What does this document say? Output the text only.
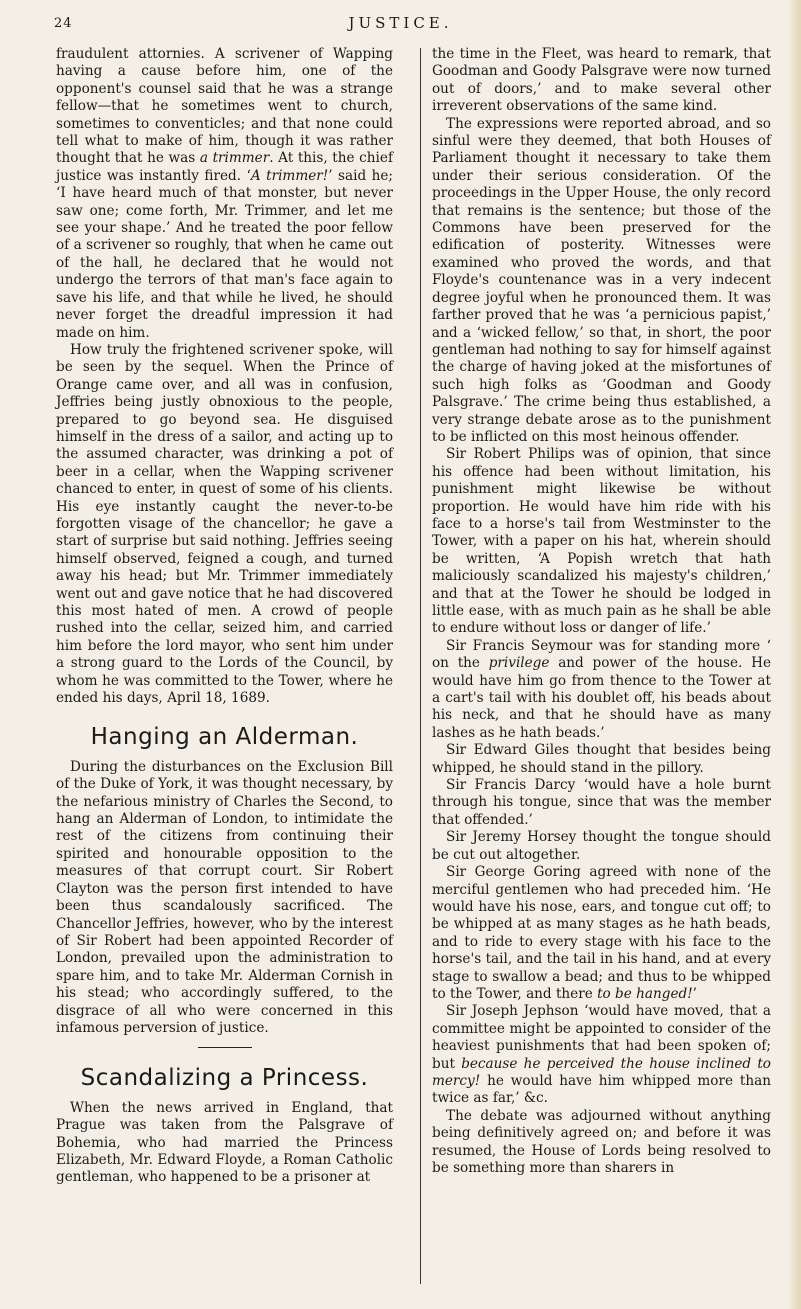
24	JUSTICE.

fraudulent attornies. A scrivener of Wapping having a cause before him, one of the opponent's counsel said that he was a strange fellow—that he sometimes went to church, sometimes to conventicles; and that none could tell what to make of him, though it was rather thought that he was a trimmer. At this, the chief justice was instantly fired. ‘A trimmer!’ said he; ‘I have heard much of that monster, but never saw one; come forth, Mr. Trimmer, and let me see your shape.’ And he treated the poor fellow of a scrivener so roughly, that when he came out of the hall, he declared that he would not undergo the terrors of that man's face again to save his life, and that while he lived, he should never forget the dreadful impression it had made on him.

How truly the frightened scrivener spoke, will be seen by the sequel. When the Prince of Orange came over, and all was in confusion, Jeffries being justly obnoxious to the people, prepared to go beyond sea. He disguised himself in the dress of a sailor, and acting up to the assumed character, was drinking a pot of beer in a cellar, when the Wapping scrivener chanced to enter, in quest of some of his clients. His eye instantly caught the never-to-be forgotten visage of the chancellor; he gave a start of surprise but said nothing. Jeffries seeing himself observed, feigned a cough, and turned away his head; but Mr. Trimmer immediately went out and gave notice that he had discovered this most hated of men. A crowd of people rushed into the cellar, seized him, and carried him before the lord mayor, who sent him under a strong guard to the Lords of the Council, by whom he was committed to the Tower, where he ended his days, April 18, 1689.

Hanging an Alderman.

During the disturbances on the Exclusion Bill of the Duke of York, it was thought necessary, by the nefarious ministry of Charles the Second, to hang an Alderman of London, to intimidate the rest of the citizens from continuing their spirited and honourable opposition to the measures of that corrupt court. Sir Robert Clayton was the person first intended to have been thus scandalously sacrificed. The Chancellor Jeffries, however, who by the interest of Sir Robert had been appointed Recorder of London, prevailed upon the administration to spare him, and to take Mr. Alderman Cornish in his stead; who accordingly suffered, to the disgrace of all who were concerned in this infamous perversion of justice.

Scandalizing a Princess.

When the news arrived in England, that Prague was taken from the Palsgrave of Bohemia, who had married the Princess Elizabeth, Mr. Edward Floyde, a Roman Catholic gentleman, who happened to be a prisoner at

the time in the Fleet, was heard to remark, that Goodman and Goody Palsgrave were now turned out of doors,’ and to make several other irreverent observations of the same kind.

The expressions were reported abroad, and so sinful were they deemed, that both Houses of Parliament thought it necessary to take them under their serious consideration. Of the proceedings in the Upper House, the only record that remains is the sentence; but those of the Commons have been preserved for the edification of posterity. Witnesses were examined who proved the words, and that Floyde's countenance was in a very indecent degree joyful when he pronounced them. It was farther proved that he was ‘a pernicious papist,’ and a ‘wicked fellow,’ so that, in short, the poor gentleman had nothing to say for himself against the charge of having joked at the misfortunes of such high folks as ‘Goodman and Goody Palsgrave.’ The crime being thus established, a very strange debate arose as to the punishment to be inflicted on this most heinous offender.

Sir Robert Philips was of opinion, that since his offence had been without limitation, his punishment might likewise be without proportion. He would have him ride with his face to a horse's tail from Westminster to the Tower, with a paper on his hat, wherein should be written, ‘A Popish wretch that hath maliciously scandalized his majesty's children,’ and that at the Tower he should be lodged in little ease, with as much pain as he shall be able to endure without loss or danger of life.’

Sir Francis Seymour was for standing more ‘ on the privilege and power of the house. He would have him go from thence to the Tower at a cart's tail with his doublet off, his beads about his neck, and that he should have as many lashes as he hath beads.’

Sir Edward Giles thought that besides being whipped, he should stand in the pillory.

Sir Francis Darcy ‘would have a hole burnt through his tongue, since that was the member that offended.’

Sir Jeremy Horsey thought the tongue should be cut out altogether.

Sir George Goring agreed with none of the merciful gentlemen who had preceded him. ‘He would have his nose, ears, and tongue cut off; to be whipped at as many stages as he hath beads, and to ride to every stage with his face to the horse's tail, and the tail in his hand, and at every stage to swallow a bead; and thus to be whipped to the Tower, and there to be hanged!’

Sir Joseph Jephson ‘would have moved, that a committee might be appointed to consider of the heaviest punishments that had been spoken of; but because he perceived the house inclined to mercy! he would have him whipped more than twice as far,’ &c.

The debate was adjourned without anything being definitively agreed on; and before it was resumed, the House of Lords being resolved to be something more than sharers in
